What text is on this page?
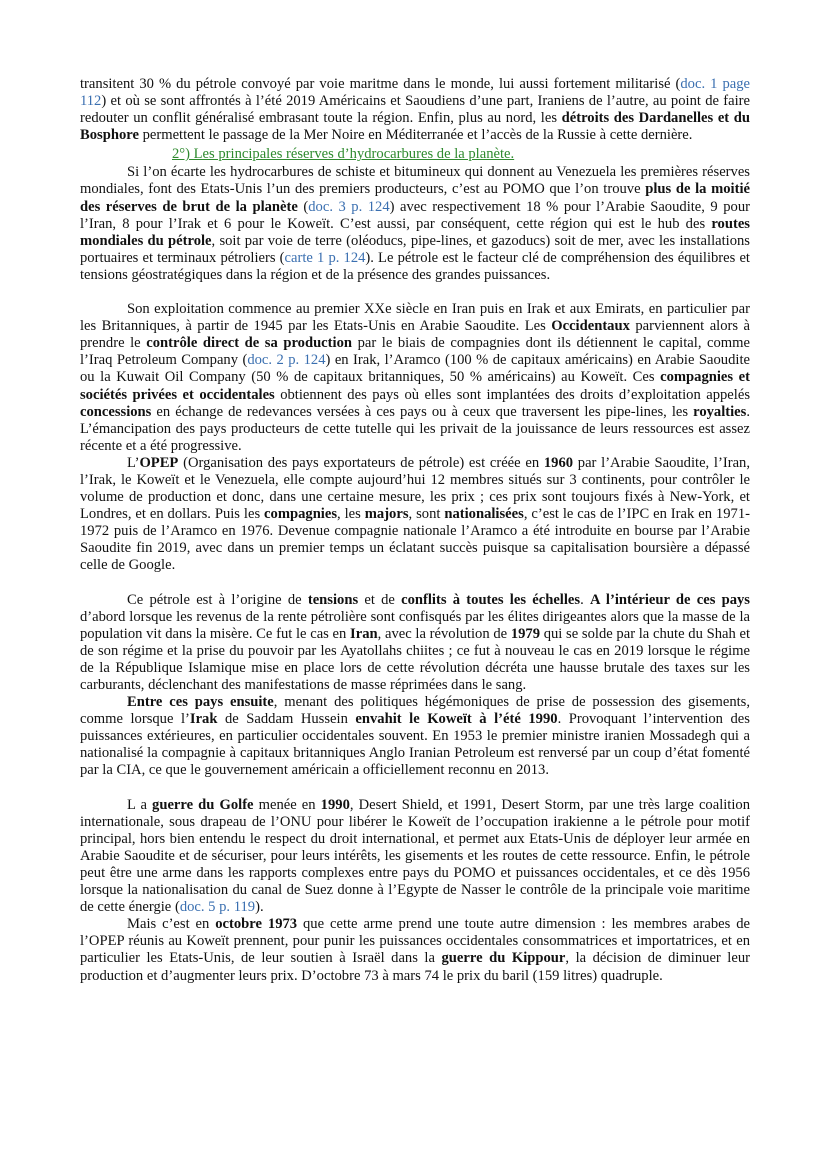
transitent 30 % du pétrole convoyé par voie maritme dans le monde, lui aussi fortement militarisé (doc. 1 page 112) et où se sont affrontés à l’été 2019 Américains et Saoudiens d’une part, Iraniens de l’autre, au point de faire redouter un conflit généralisé embrasant toute la région. Enfin, plus au nord, les détroits des Dardanelles et du Bosphore permettent le passage de la Mer Noire en Méditerranée et l’accès de la Russie à cette dernière.

2°) Les principales réserves d’hydrocarbures de la planète.

Si l’on écarte les hydrocarbures de schiste et bitumineux qui donnent au Venezuela les premières réserves mondiales, font des Etats-Unis l’un des premiers producteurs, c’est au POMO que l’on trouve plus de la moitié des réserves de brut de la planète (doc. 3 p. 124) avec respectivement 18 % pour l’Arabie Saoudite, 9 pour l’Iran, 8 pour l’Irak et 6 pour le Koweït. C’est aussi, par conséquent, cette région qui est le hub des routes mondiales du pétrole, soit par voie de terre (oléoducs, pipe-lines, et gazoducs) soit de mer, avec les installations portuaires et terminaux pétroliers (carte 1 p. 124). Le pétrole est le facteur clé de compréhension des équilibres et tensions géostratégiques dans la région et de la présence des grandes puissances.

Son exploitation commence au premier XXe siècle en Iran puis en Irak et aux Emirats, en particulier par les Britanniques, à partir de 1945 par les Etats-Unis en Arabie Saoudite. Les Occidentaux parviennent alors à prendre le contrôle direct de sa production par le biais de compagnies dont ils détiennent le capital, comme l’Iraq Petroleum Company (doc. 2 p. 124) en Irak, l’Aramco (100 % de capitaux américains) en Arabie Saoudite ou la Kuwait Oil Company (50 % de capitaux britanniques, 50 % américains) au Koweït. Ces compagnies et sociétés privées et occidentales obtiennent des pays où elles sont implantées des droits d’exploitation appelés concessions en échange de redevances versées à ces pays ou à ceux que traversent les pipe-lines, les royalties. L’émancipation des pays producteurs de cette tutelle qui les privait de la jouissance de leurs ressources est assez récente et a été progressive.

L’OPEP (Organisation des pays exportateurs de pétrole) est créée en 1960 par l’Arabie Saoudite, l’Iran, l’Irak, le Koweït et le Venezuela, elle compte aujourd’hui 12 membres situés sur 3 continents, pour contrôler le volume de production et donc, dans une certaine mesure, les prix ; ces prix sont toujours fixés à New-York, et Londres, et en dollars. Puis les compagnies, les majors, sont nationalisées, c’est le cas de l’IPC en Irak en 1971-1972 puis de l’Aramco en 1976. Devenue compagnie nationale l’Aramco a été introduite en bourse par l’Arabie Saoudite fin 2019, avec dans un premier temps un éclatant succès puisque sa capitalisation boursière a dépassé celle de Google.

Ce pétrole est à l’origine de tensions et de conflits à toutes les échelles. A l’intérieur de ces pays d’abord lorsque les revenus de la rente pétrolière sont confisqués par les élites dirigeantes alors que la masse de la population vit dans la misère. Ce fut le cas en Iran, avec la révolution de 1979 qui se solde par la chute du Shah et de son régime et la prise du pouvoir par les Ayatollahs chiites ; ce fut à nouveau le cas en 2019 lorsque le régime de la République Islamique mise en place lors de cette révolution décréta une hausse brutale des taxes sur les carburants, déclenchant des manifestations de masse réprimées dans le sang.

Entre ces pays ensuite, menant des politiques hégémoniques de prise de possession des gisements, comme lorsque l’Irak de Saddam Hussein envahit le Koweït à l’été 1990. Provoquant l’intervention des puissances extérieures, en particulier occidentales souvent. En 1953 le premier ministre iranien Mossadegh qui a nationalisé la compagnie à capitaux britanniques Anglo Iranian Petroleum est renversé par un coup d’état fomenté par la CIA, ce que le gouvernement américain a officiellement reconnu en 2013.

L a guerre du Golfe menée en 1990, Desert Shield, et 1991, Desert Storm, par une très large coalition internationale, sous drapeau de l’ONU pour libérer le Koweït de l’occupation irakienne a le pétrole pour motif principal, hors bien entendu le respect du droit international, et permet aux Etats-Unis de déployer leur armée en Arabie Saoudite et de sécuriser, pour leurs intérêts, les gisements et les routes de cette ressource. Enfin, le pétrole peut être une arme dans les rapports complexes entre pays du POMO et puissances occidentales, et ce dès 1956 lorsque la nationalisation du canal de Suez donne à l’Egypte de Nasser le contrôle de la principale voie maritime de cette énergie (doc. 5 p. 119).

Mais c’est en octobre 1973 que cette arme prend une toute autre dimension : les membres arabes de l’OPEP réunis au Koweït prennent, pour punir les puissances occidentales consommatrices et importatrices, et en particulier les Etats-Unis, de leur soutien à Israël dans la guerre du Kippour, la décision de diminuer leur production et d’augmenter leurs prix. D’octobre 73 à mars 74 le prix du baril (159 litres) quadruple.
